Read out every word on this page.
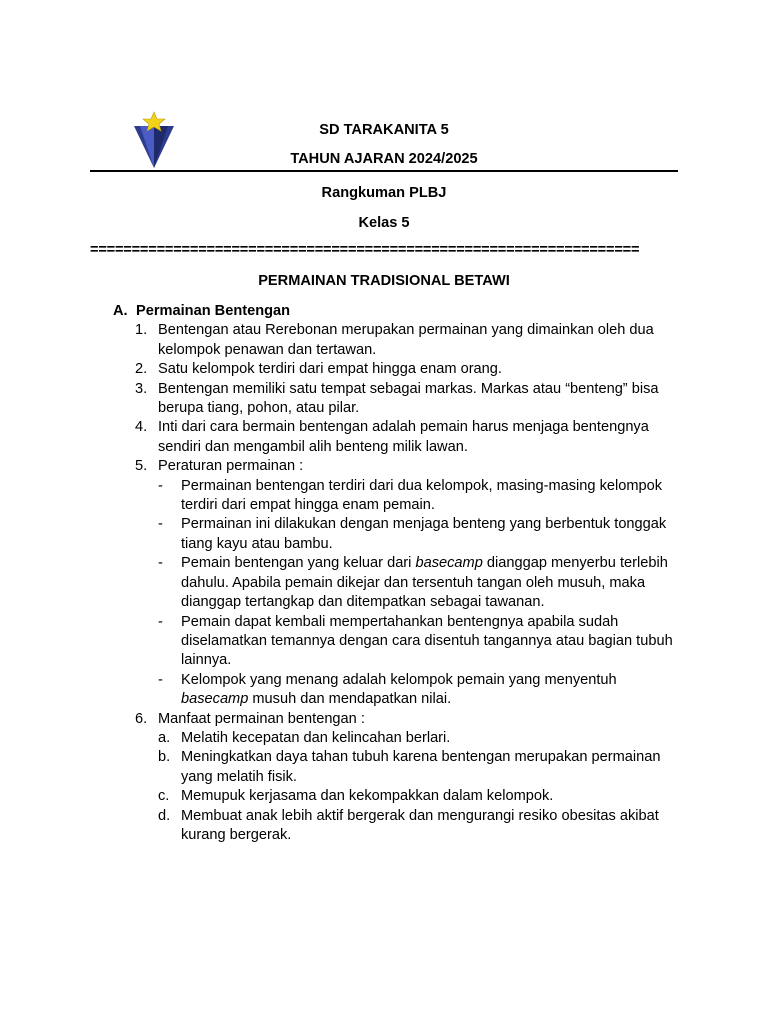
SD TARAKANITA 5
TAHUN AJARAN 2024/2025
Rangkuman PLBJ
Kelas 5
==================================================================
PERMAINAN TRADISIONAL BETAWI
A. Permainan Bentengan
1. Bentengan atau Rerebonan merupakan permainan yang dimainkan oleh dua kelompok penawan dan tertawan.
2. Satu kelompok terdiri dari empat hingga enam orang.
3. Bentengan memiliki satu tempat sebagai markas. Markas atau “benteng” bisa berupa tiang, pohon, atau pilar.
4. Inti dari cara bermain bentengan adalah pemain harus menjaga bentengnya sendiri dan mengambil alih benteng milik lawan.
5. Peraturan permainan :
- Permainan bentengan terdiri dari dua kelompok, masing-masing kelompok terdiri dari empat hingga enam pemain.
- Permainan ini dilakukan dengan menjaga benteng yang berbentuk tonggak tiang kayu atau bambu.
- Pemain bentengan yang keluar dari basecamp dianggap menyerbu terlebih dahulu. Apabila pemain dikejar dan tersentuh tangan oleh musuh, maka dianggap tertangkap dan ditempatkan sebagai tawanan.
- Pemain dapat kembali mempertahankan bentengnya apabila sudah diselamatkan temannya dengan cara disentuh tangannya atau bagian tubuh lainnya.
- Kelompok yang menang adalah kelompok pemain yang menyentuh basecamp musuh dan mendapatkan nilai.
6. Manfaat permainan bentengan :
a. Melatih kecepatan dan kelincahan berlari.
b. Meningkatkan daya tahan tubuh karena bentengan merupakan permainan yang melatih fisik.
c. Memupuk kerjasama dan kekompakkan dalam kelompok.
d. Membuat anak lebih aktif bergerak dan mengurangi resiko obesitas akibat kurang bergerak.
